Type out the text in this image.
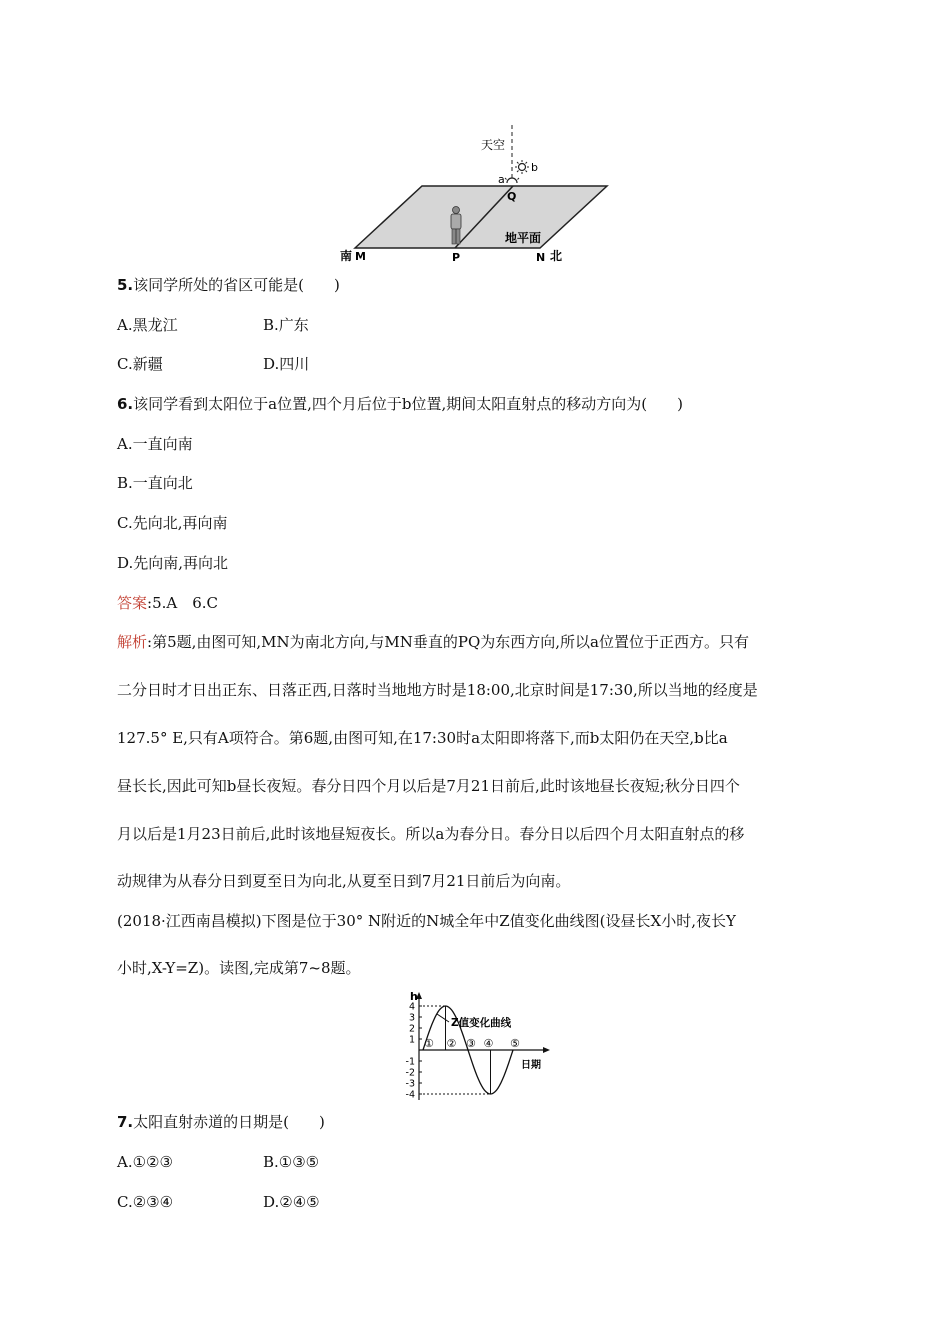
天空
a
b
Q
地平面
南 M	P	N 北
5.该同学所处的省区可能是(　　)
A.黑龙江	B.广东
C.新疆	D.四川
6.该同学看到太阳位于a位置,四个月后位于b位置,期间太阳直射点的移动方向为(　　)
A.一直向南
B.一直向北
C.先向北,再向南
D.先向南,再向北
答案:5.A　6.C
解析:第5题,由图可知,MN为南北方向,与MN垂直的PQ为东西方向,所以a位置位于正西方。只有
二分日时才日出正东、日落正西,日落时当地地方时是18:00,北京时间是17:30,所以当地的经度是
127.5° E,只有A项符合。第6题,由图可知,在17:30时a太阳即将落下,而b太阳仍在天空,b比a
昼长长,因此可知b昼长夜短。春分日四个月以后是7月21日前后,此时该地昼长夜短;秋分日四个
月以后是1月23日前后,此时该地昼短夜长。所以a为春分日。春分日以后四个月太阳直射点的移
动规律为从春分日到夏至日为向北,从夏至日到7月21日前后为向南。
(2018·江西南昌模拟)下图是位于30° N附近的N城全年中Z值变化曲线图(设昼长X小时,夜长Y
小时,X-Y=Z)。读图,完成第7~8题。
h
日期
4
3
2
1
-1
-2
-3
-4
Z值变化曲线
① ② ③ ④ ⑤
7.太阳直射赤道的日期是(　　)
A.①②③	B.①③⑤
C.②③④	D.②④⑤
